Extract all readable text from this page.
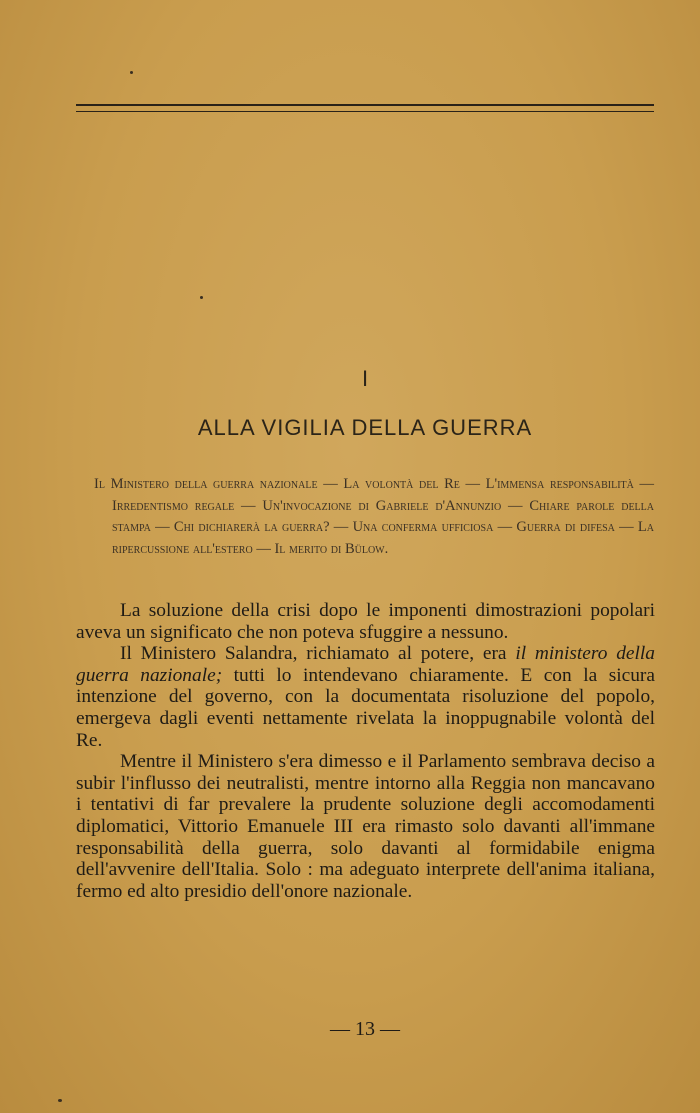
I
ALLA VIGILIA DELLA GUERRA
Il Ministero della guerra nazionale — La volontà del Re — L'immensa responsabilità — Irredentismo regale — Un'invocazione di Gabriele d'Annunzio — Chiare parole della stampa — Chi dichiarerà la guerra? — Una conferma ufficiosa — Guerra di difesa — La ripercussione all'estero — Il merito di Bülow.

La soluzione della crisi dopo le imponenti dimostrazioni popolari aveva un significato che non poteva sfuggire a nessuno.

Il Ministero Salandra, richiamato al potere, era il ministero della guerra nazionale; tutti lo intendevano chiaramente. E con la sicura intenzione del governo, con la documentata risoluzione del popolo, emergeva dagli eventi nettamente rivelata la inoppugnabile volontà del Re.

Mentre il Ministero s'era dimesso e il Parlamento sembrava deciso a subir l'influsso dei neutralisti, mentre intorno alla Reggia non mancavano i tentativi di far prevalere la prudente soluzione degli accomodamenti diplomatici, Vittorio Emanuele III era rimasto solo davanti all'immane responsabilità della guerra, solo davanti al formidabile enigma dell'avvenire dell'Italia. Solo : ma adeguato interprete dell'anima italiana, fermo ed alto presidio dell'onore nazionale.

— 13 —
